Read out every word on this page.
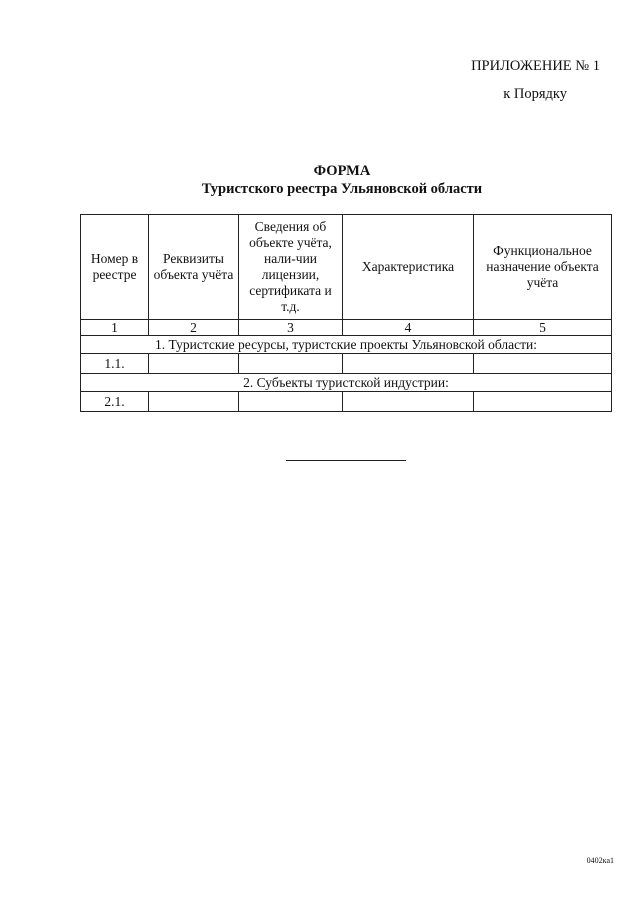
ПРИЛОЖЕНИЕ № 1
к Порядку
ФОРМА
Туристского реестра Ульяновской области
Номер в реестре	Реквизиты объекта учёта	Сведения об объекте учёта, нали-чии лицензии, сертификата и т.д.	Характеристика	Функциональное назначение объекта учёта
1	2	3	4	5
1. Туристские ресурсы, туристские проекты Ульяновской области:				
1.1.				
2. Субъекты туристской индустрии:				
2.1.				
0402ка1
